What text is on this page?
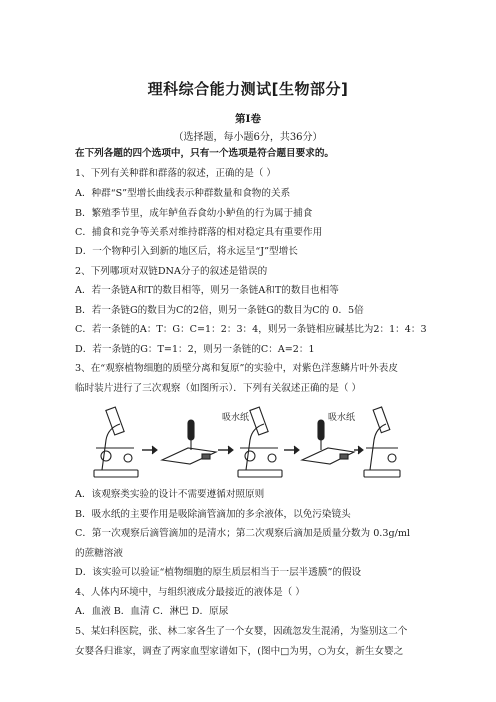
理科综合能力测试[生物部分]
第Ⅰ卷
（选择题，每小题6分，共36分）
在下列各题的四个选项中，只有一个选项是符合题目要求的。
1、下列有关种群和群落的叙述，正确的是（ ）
A．种群“S”型增长曲线表示种群数量和食物的关系
B．繁殖季节里，成年鲈鱼吞食幼小鲈鱼的行为属于捕食
C．捕食和竞争等关系对维持群落的相对稳定具有重要作用
D．一个物种引入到新的地区后，将永远呈“J”型增长
2、下列哪项对双链DNA分子的叙述是错误的
A．若一条链A和T的数目相等，则另一条链A和T的数目也相等
B．若一条链G的数目为C的2倍，则另一条链G的数目为C的 0．5倍
C．若一条链的A：T：G：C=1：2：3：4，则另一条链相应碱基比为2：1：4：3
D．若一条链的G：T=1：2，则另一条链的C：A=2：1
3、在“观察植物细胞的质壁分离和复原”的实验中，对紫色洋葱鳞片叶外表皮
临时装片进行了三次观察（如图所示）．下列有关叙述正确的是（ ）
吸水纸	吸水纸
A．该观察类实验的设计不需要遵循对照原则
B．吸水纸的主要作用是吸除滴管滴加的多余液体，以免污染镜头
C．第一次观察后滴管滴加的是清水；第二次观察后滴加是质量分数为 0.3g/ml
的蔗糖溶液
D．该实验可以验证“植物细胞的原生质层相当于一层半透膜”的假设
4、人体内环境中，与组织液成分最接近的液体是（ ）
A．血液 B．血清 C．淋巴 D．原尿
5、某妇科医院，张、林二家各生了一个女婴，因疏忽发生混淆，为鉴别这二个
女婴各归谁家，调查了两家血型家谱如下，(图中□为男，○为女，新生女婴之
